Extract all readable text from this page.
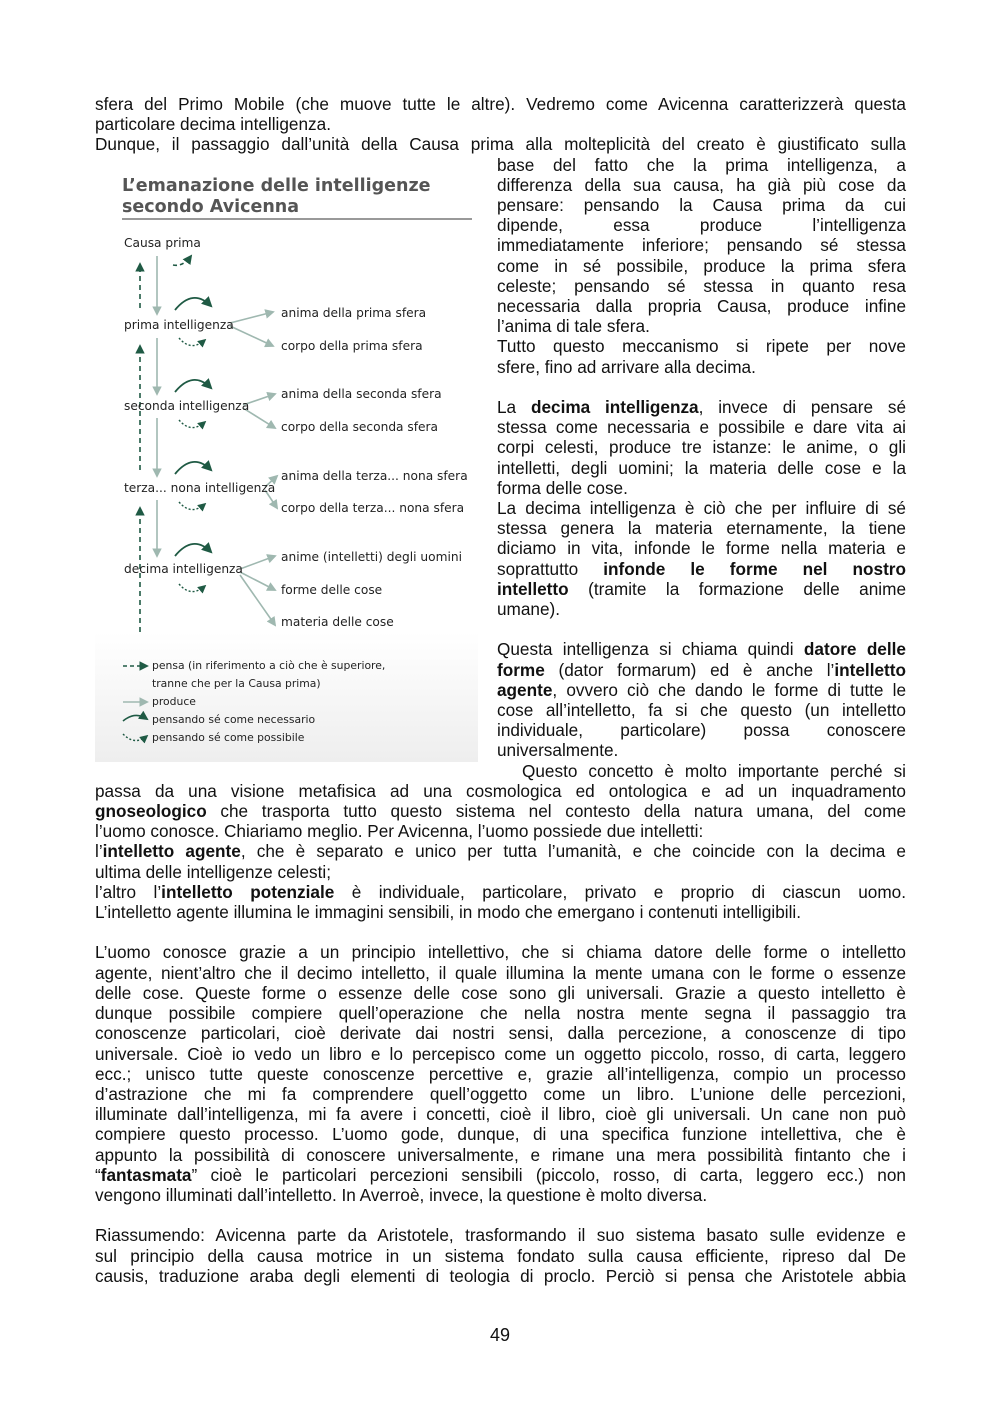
sfera del Primo Mobile (che muove tutte le altre). Vedremo come Avicenna caratterizzerà questa
particolare decima intelligenza.
Dunque, il passaggio dall’unità della Causa prima alla molteplicità del creato è giustificato sulla
base del fatto che la prima intelligenza, a
differenza della sua causa, ha già più cose da
pensare: pensando la Causa prima da cui
dipende, essa produce l’intelligenza
immediatamente inferiore; pensando sé stessa
come in sé possibile, produce la prima sfera
celeste; pensando sé stessa in quanto resa
necessaria dalla propria Causa, produce infine
l’anima di tale sfera.
Tutto questo meccanismo si ripete per nove
sfere, fino ad arrivare alla decima.
La decima intelligenza, invece di pensare sé
stessa come necessaria e possibile e dare vita ai
corpi celesti, produce tre istanze: le anime, o gli
intelletti, degli uomini; la materia delle cose e la
forma delle cose.
La decima intelligenza è ciò che per influire di sé
stessa genera la materia eternamente, la tiene
diciamo in vita, infonde le forme nella materia e
soprattutto infonde le forme nel nostro
intelletto (tramite la formazione delle anime
umane).
Questa intelligenza si chiama quindi datore delle
forme (dator formarum) ed è anche l’intelletto
agente, ovvero ciò che dando le forme di tutte le
cose all’intelletto, fa si che questo (un intelletto
individuale, particolare) possa conoscere
universalmente.
Questo concetto è molto importante perché si
passa da una visione metafisica ad una cosmologica ed ontologica e ad un inquadramento
gnoseologico che trasporta tutto questo sistema nel contesto della natura umana, del come
l’uomo conosce. Chiariamo meglio. Per Avicenna, l’uomo possiede due intelletti:
l’intelletto agente, che è separato e unico per tutta l’umanità, e che coincide con la decima e
ultima delle intelligenze celesti;
l’altro l’intelletto potenziale è individuale, particolare, privato e proprio di ciascun uomo.
L’intelletto agente illumina le immagini sensibili, in modo che emergano i contenuti intelligibili.
L’uomo conosce grazie a un principio intellettivo, che si chiama datore delle forme o intelletto
agente, nient’altro che il decimo intelletto, il quale illumina la mente umana con le forme o essenze
delle cose. Queste forme o essenze delle cose sono gli universali. Grazie a questo intelletto è
dunque possibile compiere quell’operazione che nella nostra mente segna il passaggio tra
conoscenze particolari, cioè derivate dai nostri sensi, dalla percezione, a conoscenze di tipo
universale. Cioè io vedo un libro e lo percepisco come un oggetto piccolo, rosso, di carta, leggero
ecc.; unisco tutte queste conoscenze percettive e, grazie all’intelligenza, compio un processo
d’astrazione che mi fa comprendere quell’oggetto come un libro. L’unione delle percezioni,
illuminate dall’intelligenza, mi fa avere i concetti, cioè il libro, cioè gli universali. Un cane non può
compiere questo processo. L’uomo gode, dunque, di una specifica funzione intellettiva, che è
appunto la possibilità di conoscere universalmente, e rimane una mera possibilità fintanto che i
“fantasmata” cioè le particolari percezioni sensibili (piccolo, rosso, di carta, leggero ecc.) non
vengono illuminati dall’intelletto. In Averroè, invece, la questione è molto diversa.
Riassumendo: Avicenna parte da Aristotele, trasformando il suo sistema basato sulle evidenze e
sul principio della causa motrice in un sistema fondato sulla causa efficiente, ripreso dal De
causis, traduzione araba degli elementi di teologia di proclo. Perciò si pensa che Aristotele abbia
L’emanazione delle intelligenze
secondo Avicenna
Causa prima
prima intelligenza
seconda intelligenza
terza... nona intelligenza
decima intelligenza
anima della prima sfera
corpo della prima sfera
anima della seconda sfera
corpo della seconda sfera
anima della terza... nona sfera
corpo della terza... nona sfera
anime (intelletti) degli uomini
forme delle cose
materia delle cose
pensa (in riferimento a ciò che è superiore,
tranne che per la Causa prima)
produce
pensando sé come necessario
pensando sé come possibile
49
